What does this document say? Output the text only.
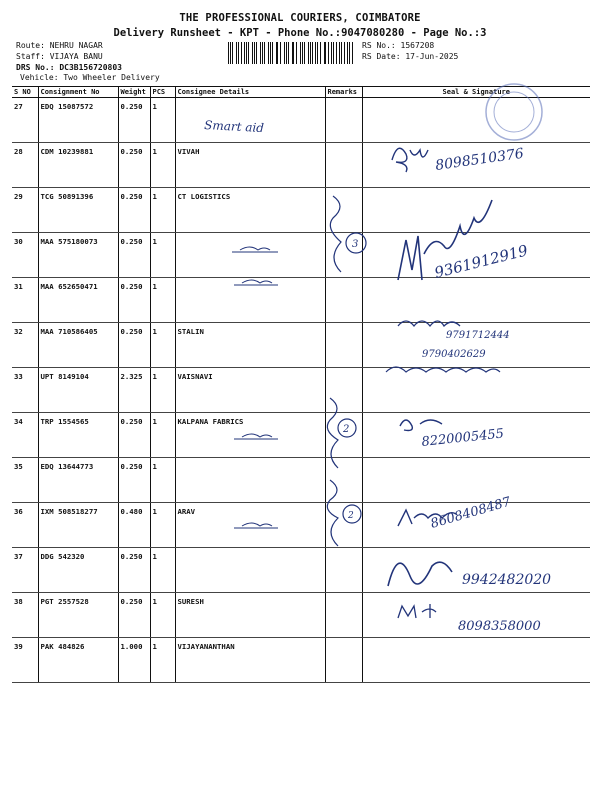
THE PROFESSIONAL COURIERS, COIMBATORE
Delivery Runsheet - KPT - Phone No.:9047080280 - Page No.:3
Route: NEHRU NAGAR
Staff: VIJAYA BANU
DRS No.: DC3B156720803
Vehicle: Two Wheeler Delivery
RS No.: 1567208
RS Date: 17-Jun-2025
S NO	Consignment No	Weight	PCS	Consignee Details	Remarks	Seal & Signature
27	EDQ 15087572	0.250	1			
28	CDM 10239881	0.250	1	VIVAH		
29	TCG 50891396	0.250	1	CT LOGISTICS		
30	MAA 575180073	0.250	1			
31	MAA 652650471	0.250	1			
32	MAA 710586405	0.250	1	STALIN		
33	UPT 8149104	2.325	1	VAISNAVI		
34	TRP 1554565	0.250	1	KALPANA FABRICS		
35	EDQ 13644773	0.250	1			
36	IXM 508518277	0.480	1	ARAV		
37	DDG 542320	0.250	1			
38	PGT 2557528	0.250	1	SURESH		
39	PAK 484826	1.000	1	VIJAYANANTHAN		
3
2
2
Smart aid
8098510376
9361912919
9791712444
9790402629
8220005455
8608408487
9942482020
8098358000
